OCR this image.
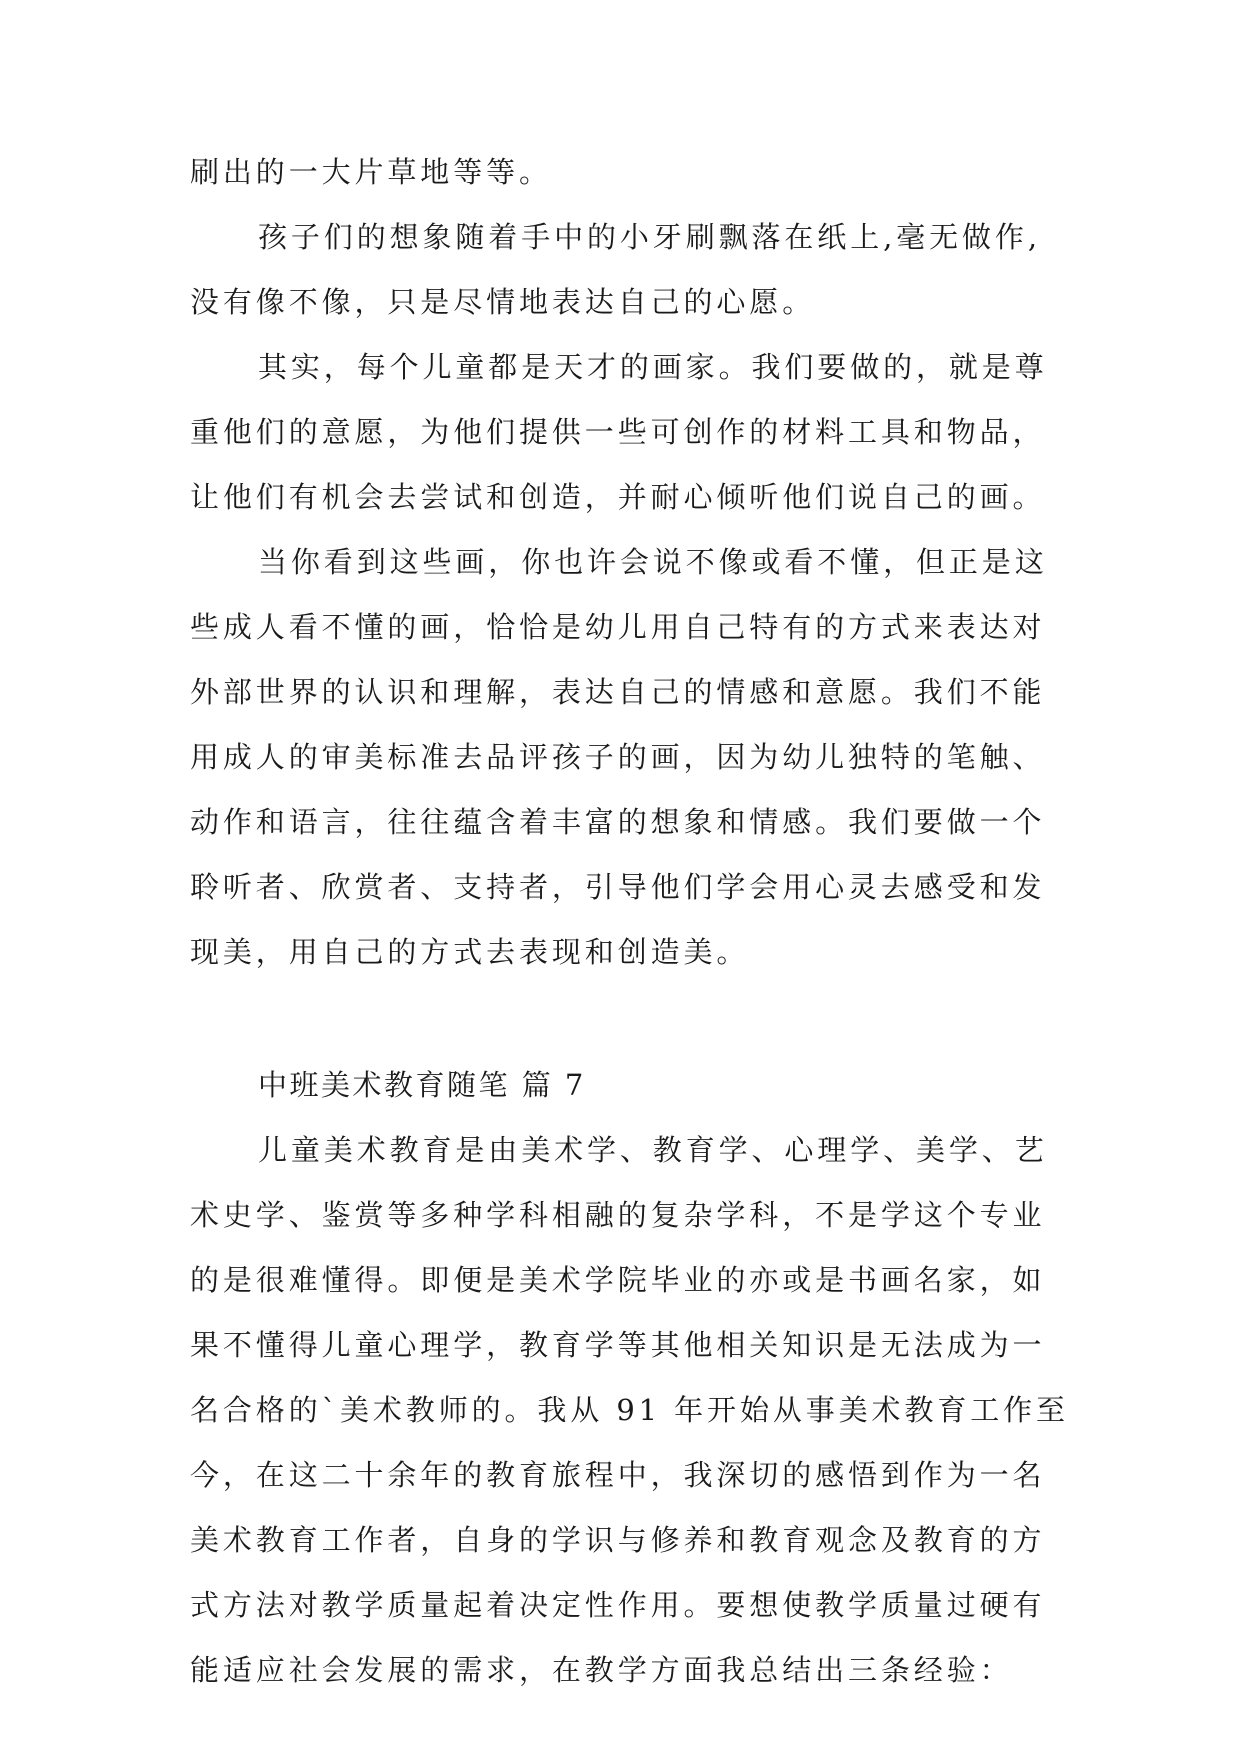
刷出的一大片草地等等。
孩子们的想象随着手中的小牙刷飘落在纸上,毫无做作,
没有像不像，只是尽情地表达自己的心愿。
其实，每个儿童都是天才的画家。我们要做的，就是尊
重他们的意愿，为他们提供一些可创作的材料工具和物品，
让他们有机会去尝试和创造，并耐心倾听他们说自己的画。
当你看到这些画，你也许会说不像或看不懂，但正是这
些成人看不懂的画，恰恰是幼儿用自己特有的方式来表达对
外部世界的认识和理解，表达自己的情感和意愿。我们不能
用成人的审美标准去品评孩子的画，因为幼儿独特的笔触、
动作和语言，往往蕴含着丰富的想象和情感。我们要做一个
聆听者、欣赏者、支持者，引导他们学会用心灵去感受和发
现美，用自己的方式去表现和创造美。
中班美术教育随笔 篇 7
儿童美术教育是由美术学、教育学、心理学、美学、艺
术史学、鉴赏等多种学科相融的复杂学科，不是学这个专业
的是很难懂得。即便是美术学院毕业的亦或是书画名家，如
果不懂得儿童心理学，教育学等其他相关知识是无法成为一
名合格的`美术教师的。我从 91 年开始从事美术教育工作至
今，在这二十余年的教育旅程中，我深切的感悟到作为一名
美术教育工作者，自身的学识与修养和教育观念及教育的方
式方法对教学质量起着决定性作用。要想使教学质量过硬有
能适应社会发展的需求，在教学方面我总结出三条经验：
